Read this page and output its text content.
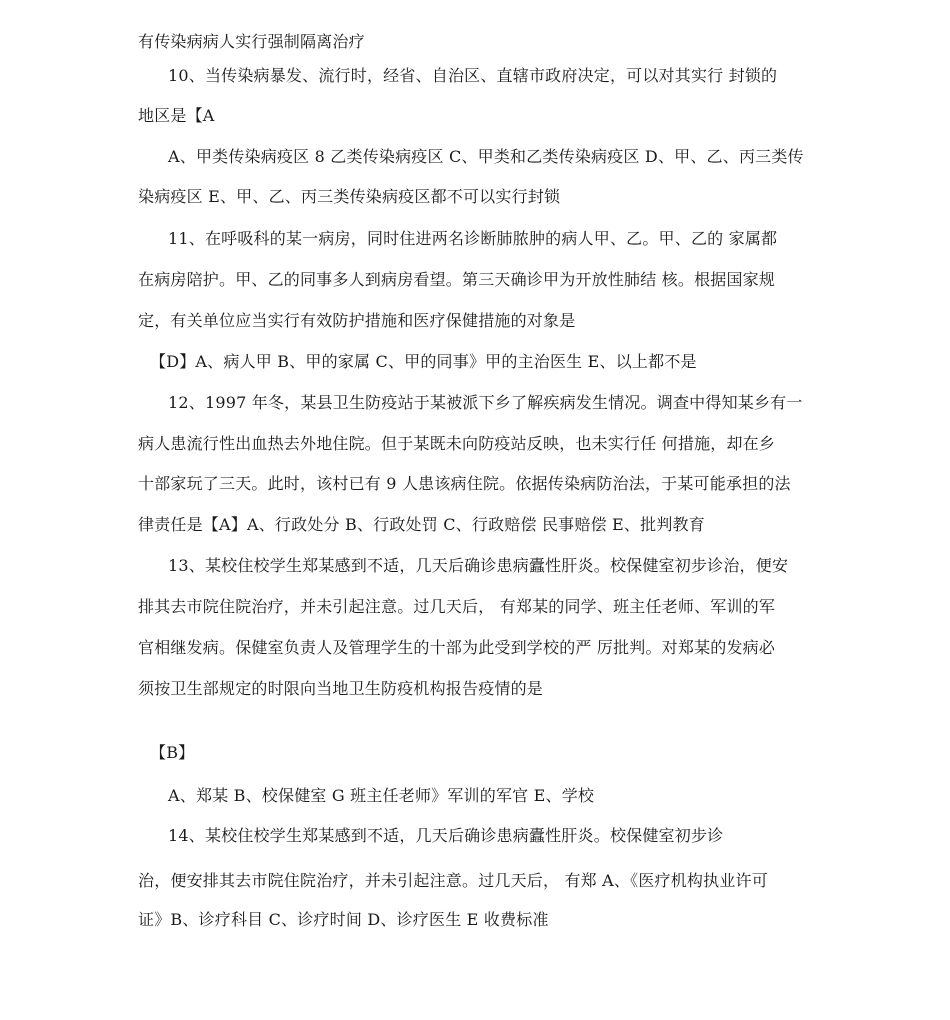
有传染病病人实行强制隔离治疗
10、当传染病暴发、流行时，经省、自治区、直辖市政府决定，可以对其实行 封锁的
地区是【A
A、甲类传染病疫区 8 乙类传染病疫区 C、甲类和乙类传染病疫区 D、甲、乙、丙三类传
染病疫区 E、甲、乙、丙三类传染病疫区都不可以实行封锁
11、在呼吸科的某一病房，同时住进两名诊断肺脓肿的病人甲、乙。甲、乙的 家属都
在病房陪护。甲、乙的同事多人到病房看望。第三天确诊甲为开放性肺结 核。根据国家规
定，有关单位应当实行有效防护措施和医疗保健措施的对象是
【D】A、病人甲 B、甲的家属 C、甲的同事》甲的主治医生 E、以上都不是
12、1997 年冬，某县卫生防疫站于某被派下乡了解疾病发生情况。调查中得知某乡有一
病人患流行性出血热去外地住院。但于某既未向防疫站反映，也未实行任 何措施，却在乡
十部家玩了三天。此时，该村已有 9 人患该病住院。依据传染病防治法，于某可能承担的法
律责任是【A】A、行政处分 B、行政处罚 C、行政赔偿 民事赔偿 E、批判教育
13、某校住校学生郑某感到不适，几天后确诊患病蠹性肝炎。校保健室初步诊治，便安
排其去市院住院治疗，并未引起注意。过几天后， 有郑某的同学、班主任老师、军训的军
官相继发病。保健室负责人及管理学生的十部为此受到学校的严 厉批判。对郑某的发病必
须按卫生部规定的时限向当地卫生防疫机构报告疫情的是
【B】
A、郑某 B、校保健室 G 班主任老师》军训的军官 E、学校
14、某校住校学生郑某感到不适，几天后确诊患病蠹性肝炎。校保健室初步诊
治，便安排其去市院住院治疗，并未引起注意。过几天后， 有郑 A、《医疗机构执业许可
证》B、诊疗科目 C、诊疗时间 D、诊疗医生 E 收费标准
